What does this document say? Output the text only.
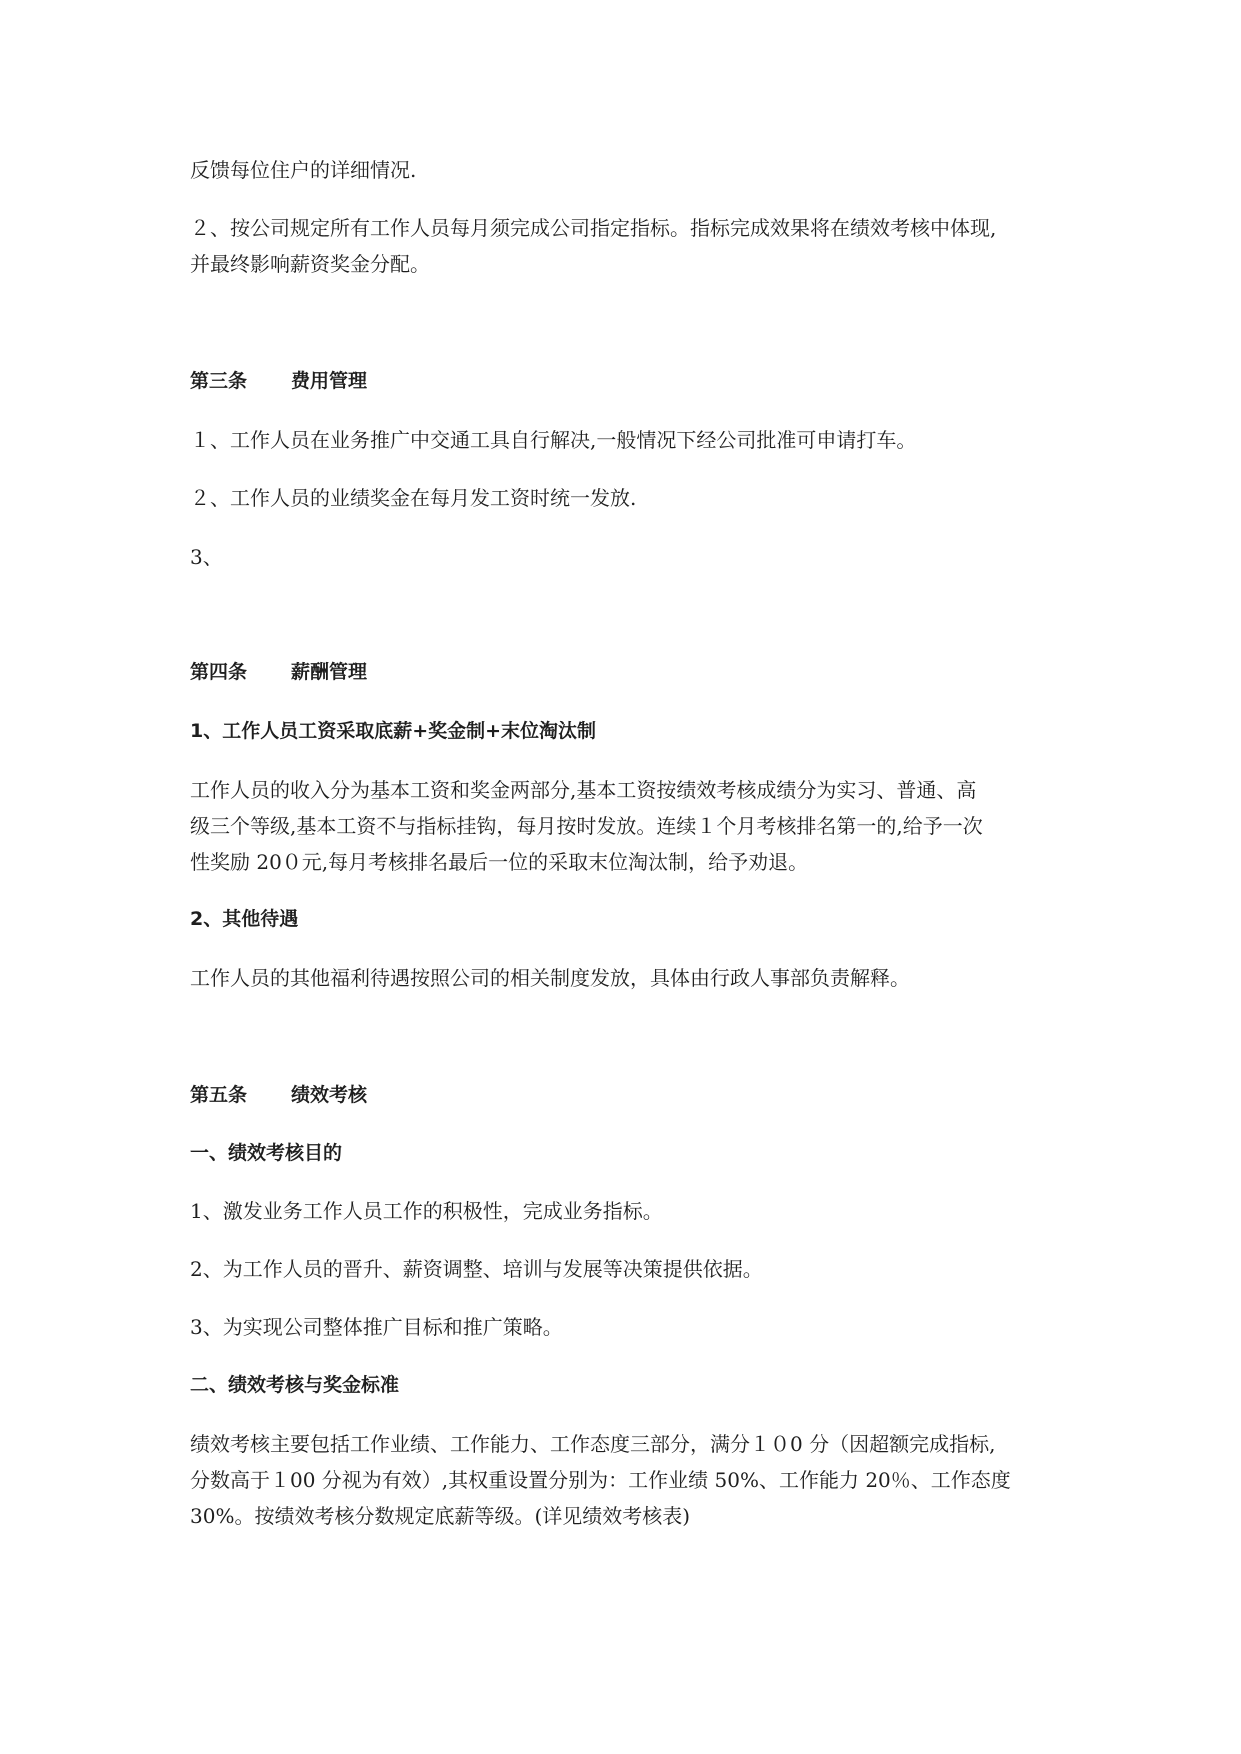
反馈每位住户的详细情况.
２、按公司规定所有工作人员每月须完成公司指定指标。指标完成效果将在绩效考核中体现,
并最终影响薪资奖金分配。
第三条 费用管理
１、工作人员在业务推广中交通工具自行解决,一般情况下经公司批准可申请打车。
２、工作人员的业绩奖金在每月发工资时统一发放.
3、
第四条 薪酬管理
1、工作人员工资采取底薪+奖金制+末位淘汰制
工作人员的收入分为基本工资和奖金两部分,基本工资按绩效考核成绩分为实习、普通、高
级三个等级,基本工资不与指标挂钩，每月按时发放。连续１个月考核排名第一的,给予一次
性奖励 20０元,每月考核排名最后一位的采取末位淘汰制，给予劝退。
2、其他待遇
工作人员的其他福利待遇按照公司的相关制度发放，具体由行政人事部负责解释。
第五条 绩效考核
一、绩效考核目的
1、激发业务工作人员工作的积极性，完成业务指标。
2、为工作人员的晋升、薪资调整、培训与发展等决策提供依据。
3、为实现公司整体推广目标和推广策略。
二、绩效考核与奖金标准
绩效考核主要包括工作业绩、工作能力、工作态度三部分，满分１０0 分（因超额完成指标,
分数高于１00 分视为有效）,其权重设置分别为：工作业绩 50%、工作能力 20％、工作态度
30%。按绩效考核分数规定底薪等级。(详见绩效考核表)
